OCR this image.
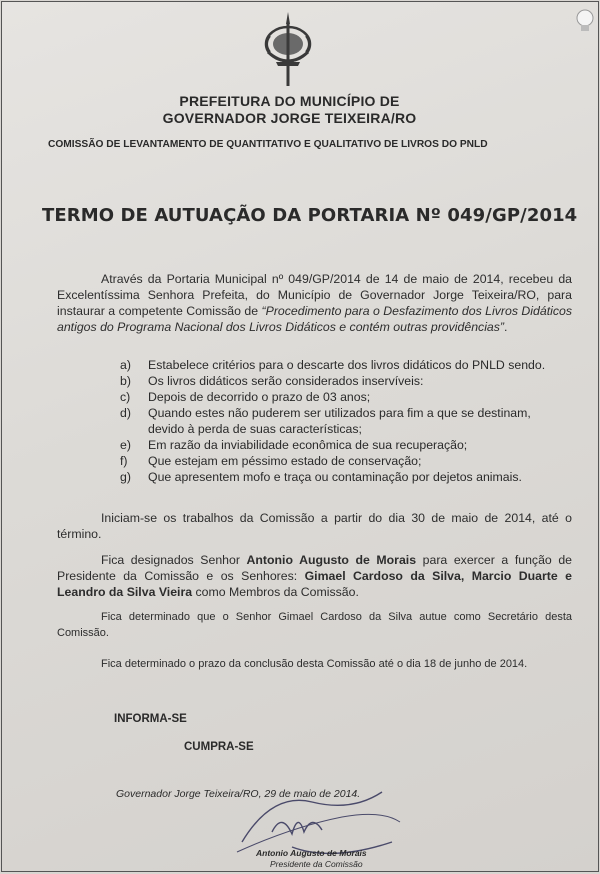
PREFEITURA DO MUNICÍPIO DE
GOVERNADOR JORGE TEIXEIRA/RO
COMISSÃO DE LEVANTAMENTO DE QUANTITATIVO E QUALITATIVO DE LIVROS DO PNLD
TERMO DE AUTUAÇÃO DA PORTARIA Nº 049/GP/2014
Através da Portaria Municipal nº 049/GP/2014 de 14 de maio de 2014, recebeu da Excelentíssima Senhora Prefeita, do Município de Governador Jorge Teixeira/RO, para instaurar a competente Comissão de “Procedimento para o Desfazimento dos Livros Didáticos antigos do Programa Nacional dos Livros Didáticos e contém outras providências”.
a)	Estabelece critérios para o descarte dos livros didáticos do PNLD sendo.
b)	Os livros didáticos serão considerados inservíveis:
c)	Depois de decorrido o prazo de 03 anos;
d)	Quando estes não puderem ser utilizados para fim a que se destinam, devido à perda de suas características;
e)	Em razão da inviabilidade econômica de sua recuperação;
f)	Que estejam em péssimo estado de conservação;
g)	Que apresentem mofo e traça ou contaminação por dejetos animais.
Iniciam-se os trabalhos da Comissão a partir do dia 30 de maio de 2014, até o término.
Fica designados Senhor Antonio Augusto de Morais para exercer a função de Presidente da Comissão e os Senhores: Gimael Cardoso da Silva, Marcio Duarte e Leandro da Silva Vieira como Membros da Comissão.
Fica determinado que o Senhor Gimael Cardoso da Silva autue como Secretário desta Comissão.
Fica determinado o prazo da conclusão desta Comissão até o dia 18 de junho de 2014.
INFORMA-SE
CUMPRA-SE
Governador Jorge Teixeira/RO, 29 de maio de 2014.
Antonio Augusto de Morais
Presidente da Comissão
